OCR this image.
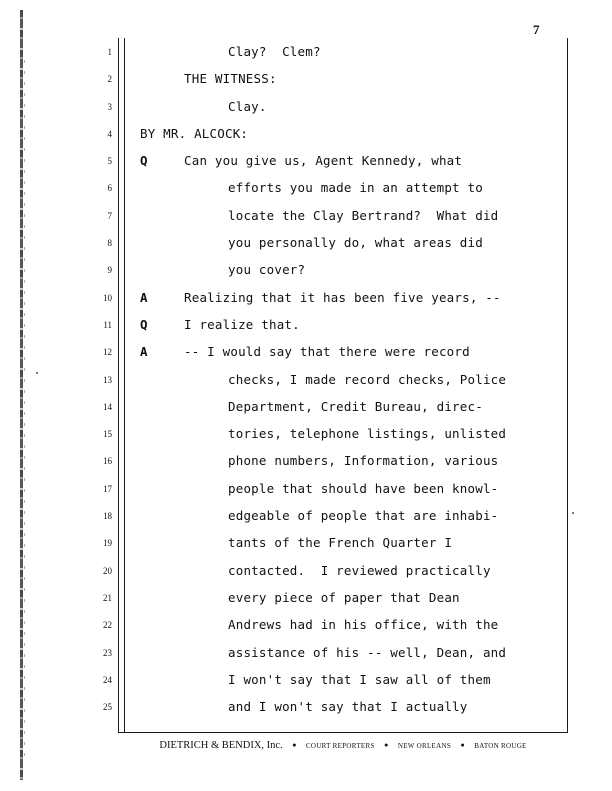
7
1
2
3
4
5
6
7
8
9
10
11
12
13
14
15
16
17
18
19
20
21
22
23
24
25
Clay?  Clem?
THE WITNESS:
Clay.
BY MR. ALCOCK:
Q	Can you give us, Agent Kennedy, what
efforts you made in an attempt to
locate the Clay Bertrand?  What did
you personally do, what areas did
you cover?
A	Realizing that it has been five years, --
Q	I realize that.
A	-- I would say that there were record
checks, I made record checks, Police
Department, Credit Bureau, direc-
tories, telephone listings, unlisted
phone numbers, Information, various
people that should have been knowl-
edgeable of people that are inhabi-
tants of the French Quarter I
contacted.  I reviewed practically
every piece of paper that Dean
Andrews had in his office, with the
assistance of his -- well, Dean, and
I won't say that I saw all of them
and I won't say that I actually
DIETRICH & BENDIX, Inc. ● COURT REPORTERS ● NEW ORLEANS ● BATON ROUGE
